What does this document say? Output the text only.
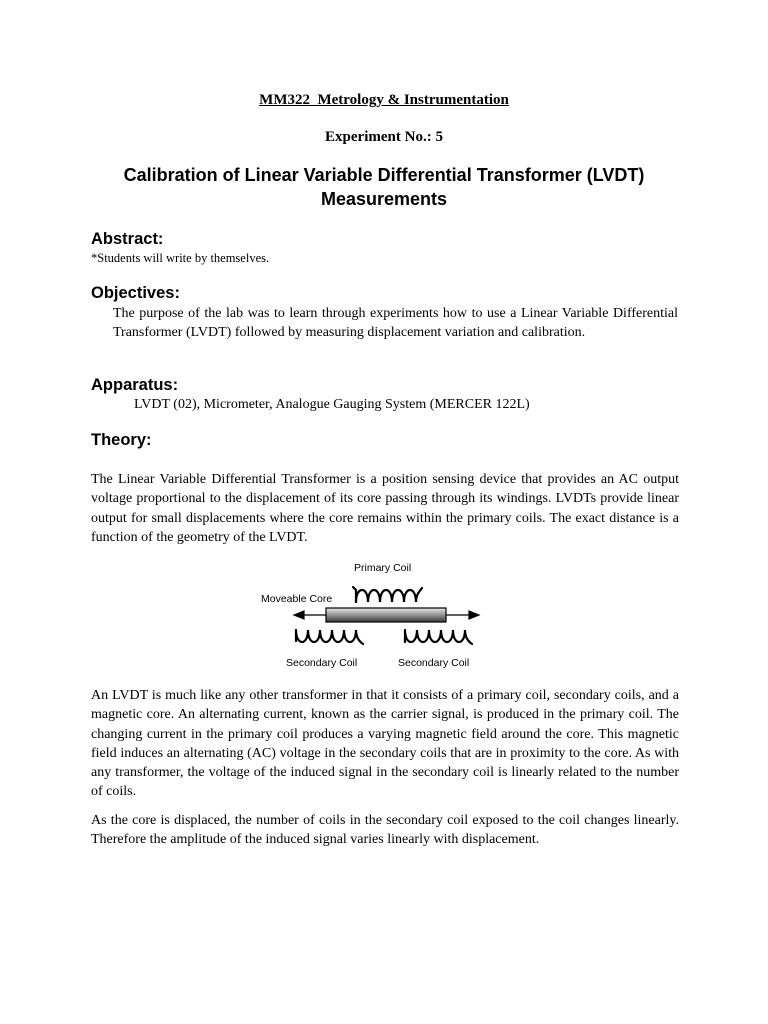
MM322_Metrology & Instrumentation
Experiment No.: 5
Calibration of Linear Variable Differential Transformer (LVDT) Measurements
Abstract:
*Students will write by themselves.
Objectives:
The purpose of the lab was to learn through experiments how to use a Linear Variable Differential Transformer (LVDT) followed by measuring displacement variation and calibration.
Apparatus:
LVDT (02), Micrometer, Analogue Gauging System (MERCER 122L)
Theory:
The Linear Variable Differential Transformer is a position sensing device that provides an AC output voltage proportional to the displacement of its core passing through its windings. LVDTs provide linear output for small displacements where the core remains within the primary coils. The exact distance is a function of the geometry of the LVDT.
Primary Coil
Moveable Core
Secondary Coil	Secondary Coil
An LVDT is much like any other transformer in that it consists of a primary coil, secondary coils, and a magnetic core. An alternating current, known as the carrier signal, is produced in the primary coil. The changing current in the primary coil produces a varying magnetic field around the core. This magnetic field induces an alternating (AC) voltage in the secondary coils that are in proximity to the core. As with any transformer, the voltage of the induced signal in the secondary coil is linearly related to the number of coils.
As the core is displaced, the number of coils in the secondary coil exposed to the coil changes linearly. Therefore the amplitude of the induced signal varies linearly with displacement.
